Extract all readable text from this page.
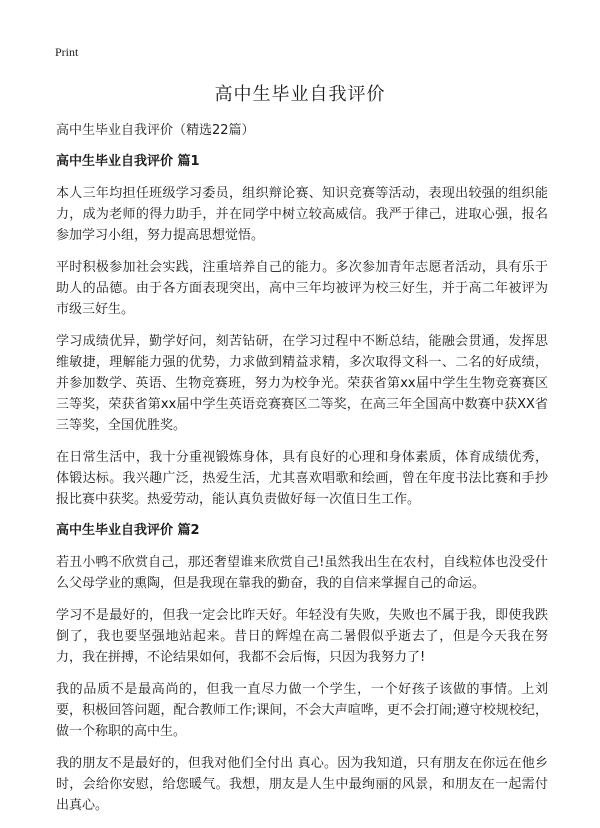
Print
高中生毕业自我评价

高中生毕业自我评价（精选22篇）

高中生毕业自我评价 篇1

本人三年均担任班级学习委员，组织辩论赛、知识竞赛等活动，表现出较强的组织能力，成为老师的得力助手，并在同学中树立较高威信。我严于律己，进取心强，报名参加学习小组，努力提高思想觉悟。

平时积极参加社会实践，注重培养自己的能力。多次参加青年志愿者活动，具有乐于助人的品德。由于各方面表现突出，高中三年均被评为校三好生，并于高二年被评为市级三好生。

学习成绩优异，勤学好问，刻苦钻研，在学习过程中不断总结，能融会贯通，发挥思维敏捷，理解能力强的优势，力求做到精益求精，多次取得文科一、二名的好成绩，并参加数学、英语、生物竞赛班，努力为校争光。荣获省第xx届中学生生物竞赛赛区三等奖，荣获省第xx届中学生英语竞赛赛区二等奖，在高三年全国高中数赛中获XX省三等奖，全国优胜奖。

在日常生活中，我十分重视锻炼身体，具有良好的心理和身体素质，体育成绩优秀，体锻达标。我兴趣广泛，热爱生活，尤其喜欢唱歌和绘画，曾在年度书法比赛和手抄报比赛中获奖。热爱劳动，能认真负责做好每一次值日生工作。

高中生毕业自我评价 篇2

若丑小鸭不欣赏自己，那还奢望谁来欣赏自己!虽然我出生在农村，自线粒体也没受什么父母学业的熏陶，但是我现在靠我的勤奋，我的自信来掌握自己的命运。

学习不是最好的，但我一定会比昨天好。年轻没有失败，失败也不属于我，即使我跌倒了，我也要坚强地站起来。昔日的辉煌在高二暑假似乎逝去了，但是今天我在努力，我在拼搏，不论结果如何，我都不会后悔，只因为我努力了!

我的品质不是最高尚的，但我一直尽力做一个学生，一个好孩子该做的事情。上刘要，积极回答问题，配合教师工作;课间，不会大声喧哗，更不会打闹;遵守校规校纪，做一个称职的高中生。

我的朋友不是最好的，但我对他们全付出 真心。因为我知道，只有朋友在你远在他乡时，会给你安慰，给您暖气。我想，朋友是人生中最绚丽的风景，和朋友在一起需付出真心。
